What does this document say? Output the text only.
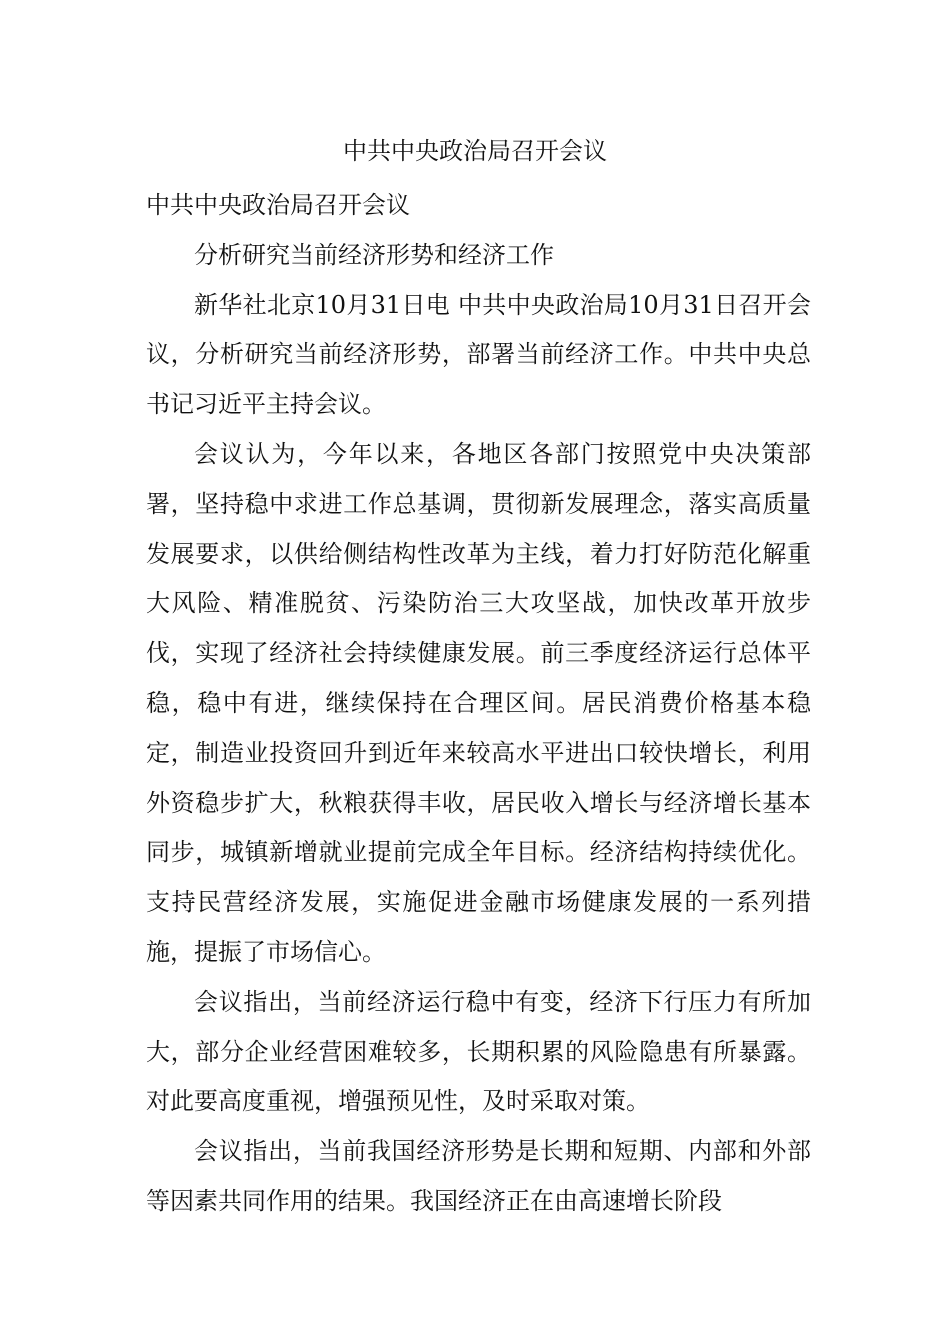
中共中央政治局召开会议

中共中央政治局召开会议

分析研究当前经济形势和经济工作

新华社北京10月31日电 中共中央政治局10月31日召开会议，分析研究当前经济形势，部署当前经济工作。中共中央总书记习近平主持会议。

会议认为，今年以来，各地区各部门按照党中央决策部署，坚持稳中求进工作总基调，贯彻新发展理念，落实高质量发展要求，以供给侧结构性改革为主线，着力打好防范化解重大风险、精准脱贫、污染防治三大攻坚战，加快改革开放步伐，实现了经济社会持续健康发展。前三季度经济运行总体平稳，稳中有进，继续保持在合理区间。居民消费价格基本稳定，制造业投资回升到近年来较高水平进出口较快增长，利用外资稳步扩大，秋粮获得丰收，居民收入增长与经济增长基本同步，城镇新增就业提前完成全年目标。经济结构持续优化。支持民营经济发展，实施促进金融市场健康发展的一系列措施，提振了市场信心。

会议指出，当前经济运行稳中有变，经济下行压力有所加大，部分企业经营困难较多，长期积累的风险隐患有所暴露。对此要高度重视，增强预见性，及时采取对策。

会议指出，当前我国经济形势是长期和短期、内部和外部等因素共同作用的结果。我国经济正在由高速增长阶段
